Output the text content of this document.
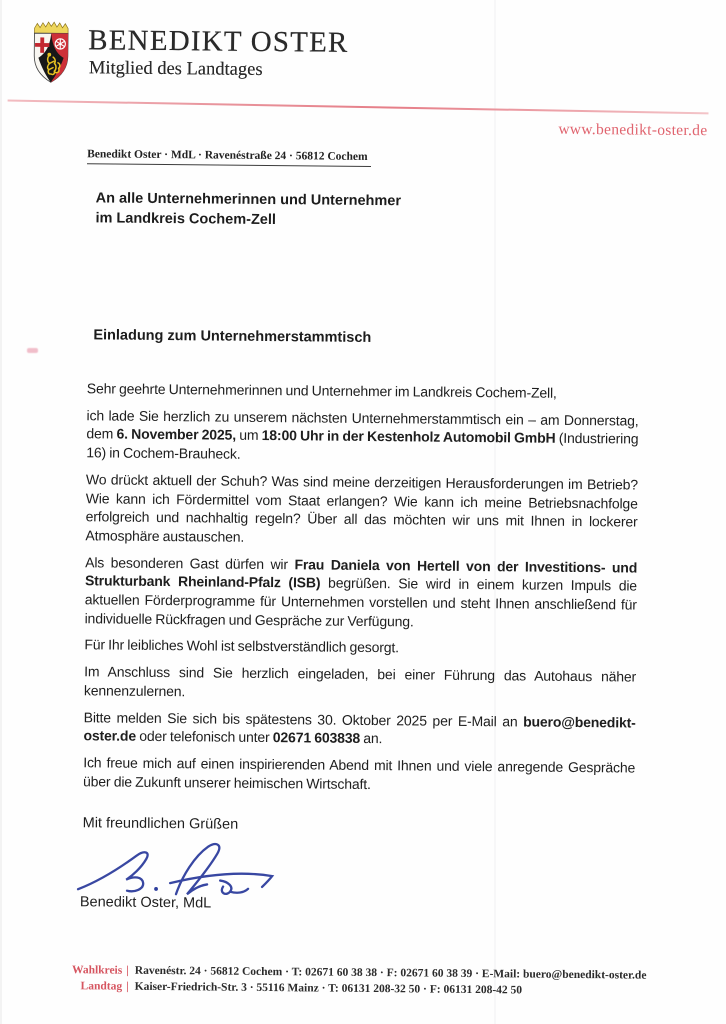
BENEDIKT OSTER
Mitglied des Landtages
www.benedikt-oster.de
Benedikt Oster · MdL · Ravenéstraße 24 · 56812 Cochem
An alle Unternehmerinnen und Unternehmer
im Landkreis Cochem-Zell
Einladung zum Unternehmerstammtisch

Sehr geehrte Unternehmerinnen und Unternehmer im Landkreis Cochem-Zell,

ich lade Sie herzlich zu unserem nächsten Unternehmerstammtisch ein – am Donnerstag, dem 6. November 2025, um 18:00 Uhr in der Kestenholz Automobil GmbH (Industriering 16) in Cochem-Brauheck.

Wo drückt aktuell der Schuh? Was sind meine derzeitigen Herausforderungen im Betrieb? Wie kann ich Fördermittel vom Staat erlangen? Wie kann ich meine Betriebsnachfolge erfolgreich und nachhaltig regeln? Über all das möchten wir uns mit Ihnen in lockerer Atmosphäre austauschen.

Als besonderen Gast dürfen wir Frau Daniela von Hertell von der Investitions- und Strukturbank Rheinland-Pfalz (ISB) begrüßen. Sie wird in einem kurzen Impuls die aktuellen Förderprogramme für Unternehmen vorstellen und steht Ihnen anschließend für individuelle Rückfragen und Gespräche zur Verfügung.

Für Ihr leibliches Wohl ist selbstverständlich gesorgt.

Im Anschluss sind Sie herzlich eingeladen, bei einer Führung das Autohaus näher kennenzulernen.

Bitte melden Sie sich bis spätestens 30. Oktober 2025 per E-Mail an buero@benedikt-oster.de oder telefonisch unter 02671 603838 an.

Ich freue mich auf einen inspirierenden Abend mit Ihnen und viele anregende Gespräche über die Zukunft unserer heimischen Wirtschaft.

Mit freundlichen Grüßen
Benedikt Oster, MdL
Wahlkreis | Ravenéstr. 24 · 56812 Cochem · T: 02671 60 38 38 · F: 02671 60 38 39 · E-Mail: buero@benedikt-oster.de
Landtag | Kaiser-Friedrich-Str. 3 · 55116 Mainz · T: 06131 208-32 50 · F: 06131 208-42 50
